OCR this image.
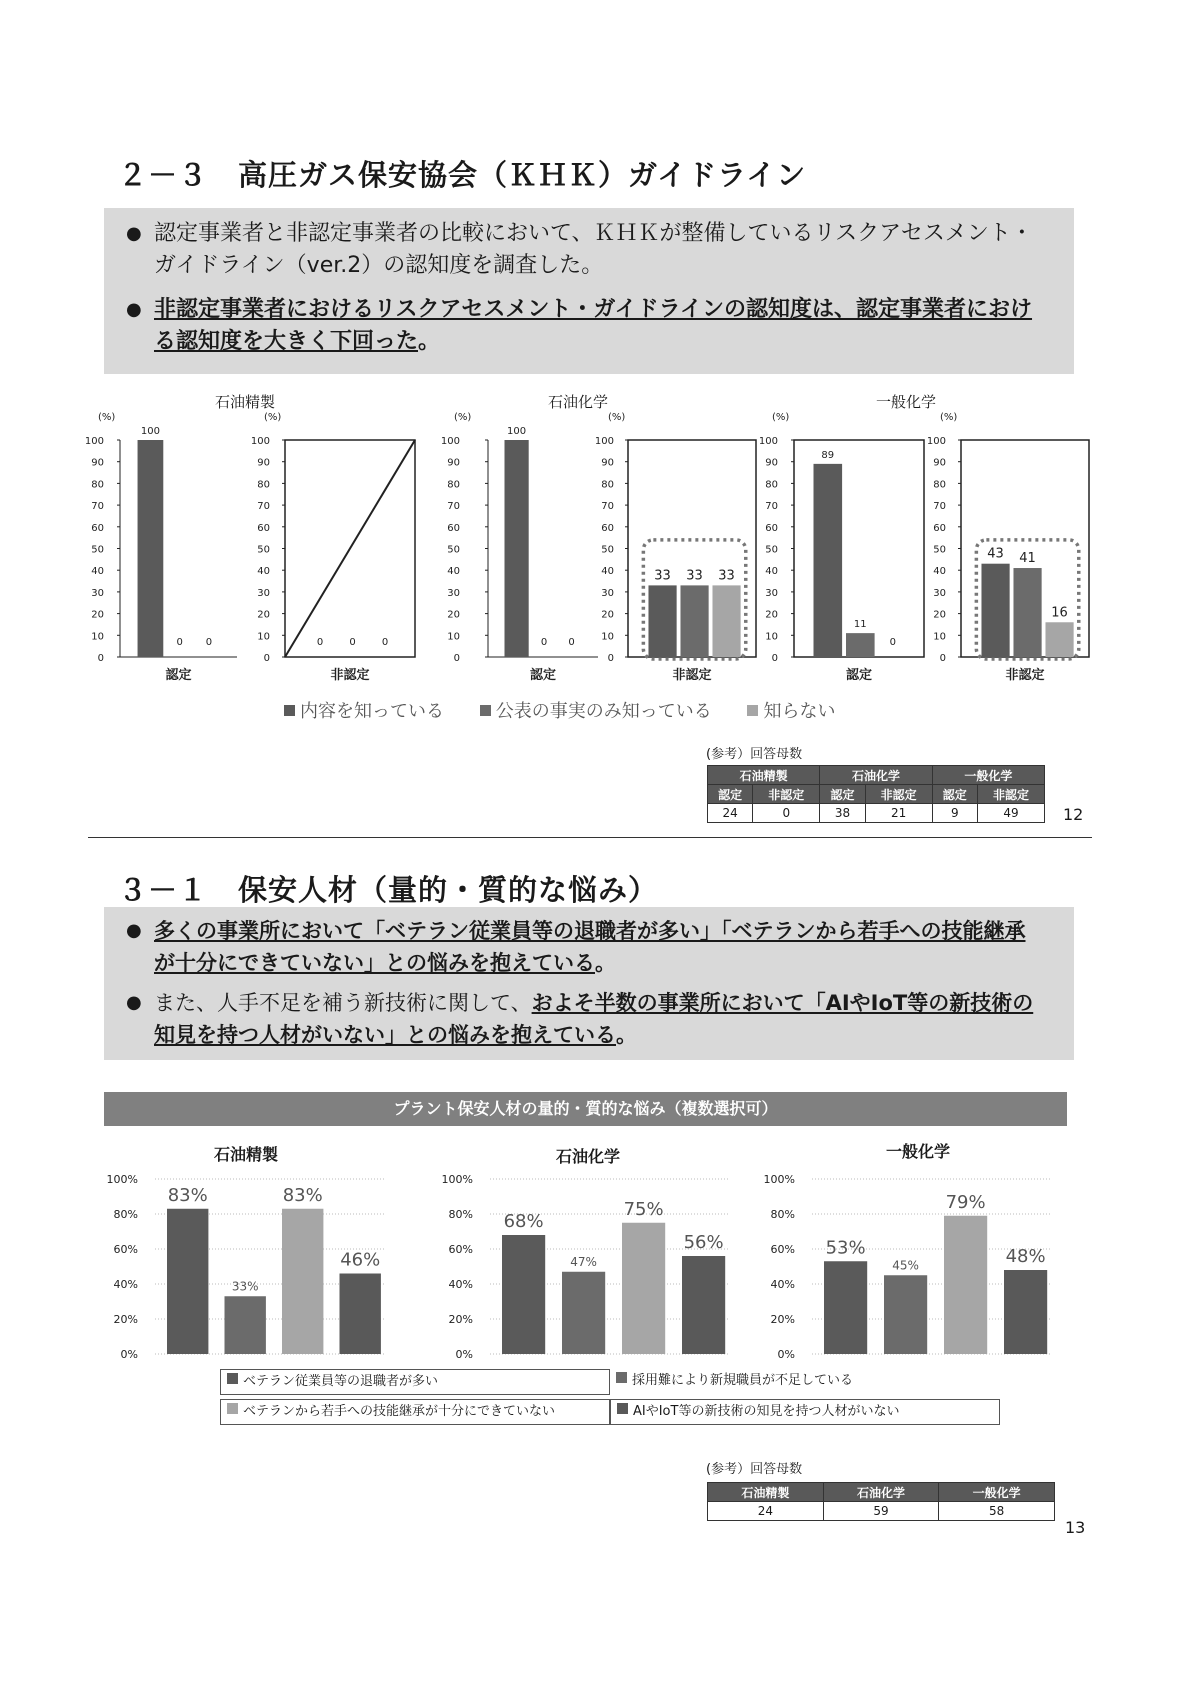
２－３　高圧ガス保安協会（ＫＨＫ）ガイドライン
● 認定事業者と非認定事業者の比較において、ＫＨＫが整備しているリスクアセスメント・ガイドライン（ver.2）の認知度を調査した。
● 非認定事業者におけるリスクアセスメント・ガイドラインの認知度は、認定事業者における認知度を大きく下回った。
石油精製	石油化学	一般化学
0
10
20
30
40
50
60
70
80
90
100
(%)
100
0 0
認定
0
10
20
30
40
50
60
70
80
90
100
(%)
0	0	0
非認定
0
10
20
30
40
50
60
70
80
90
100
(%)
100
0 0
認定
0
10
20
30
40
50
60
70
80
90
100
(%)
33 33 33
非認定
0
10
20
30
40
50
60
70
80
90
100
(%)
89
11
0
認定
0
10
20
30
40
50
60
70
80
90
100
(%)
43 41
16
非認定
内容を知っている	公表の事実のみ知っている	知らない
(参考）回答母数
石油精製		石油化学		一般化学	
認定	非認定	認定	非認定	認定	非認定
24	0	38	21	9	49	12
３－１　保安人材（量的・質的な悩み）
● 多くの事業所において「ベテラン従業員等の退職者が多い」「ベテランから若手への技能継承が十分にできていない」との悩みを抱えている。
● また、人手不足を補う新技術に関して、およそ半数の事業所において「AIやIoT等の新技術の知見を持つ人材がいない」との悩みを抱えている。
プラント保安人材の量的・質的な悩み（複数選択可）
石油精製	石油化学	一般化学
0%
20%
40%
60%
80%
100%
83%
33%
83%
46%
0%
20%
40%
60%
80%
100%
68%
47%
75%
56%
0%
20%
40%
60%
80%
100%
53%
45%
79%
48%
ベテラン従業員等の退職者が多い	採用難により新規職員が不足している
ベテランから若手への技能継承が十分にできていない	AIやIoT等の新技術の知見を持つ人材がいない
(参考）回答母数
石油精製	石油化学	一般化学
24	59	58
13
